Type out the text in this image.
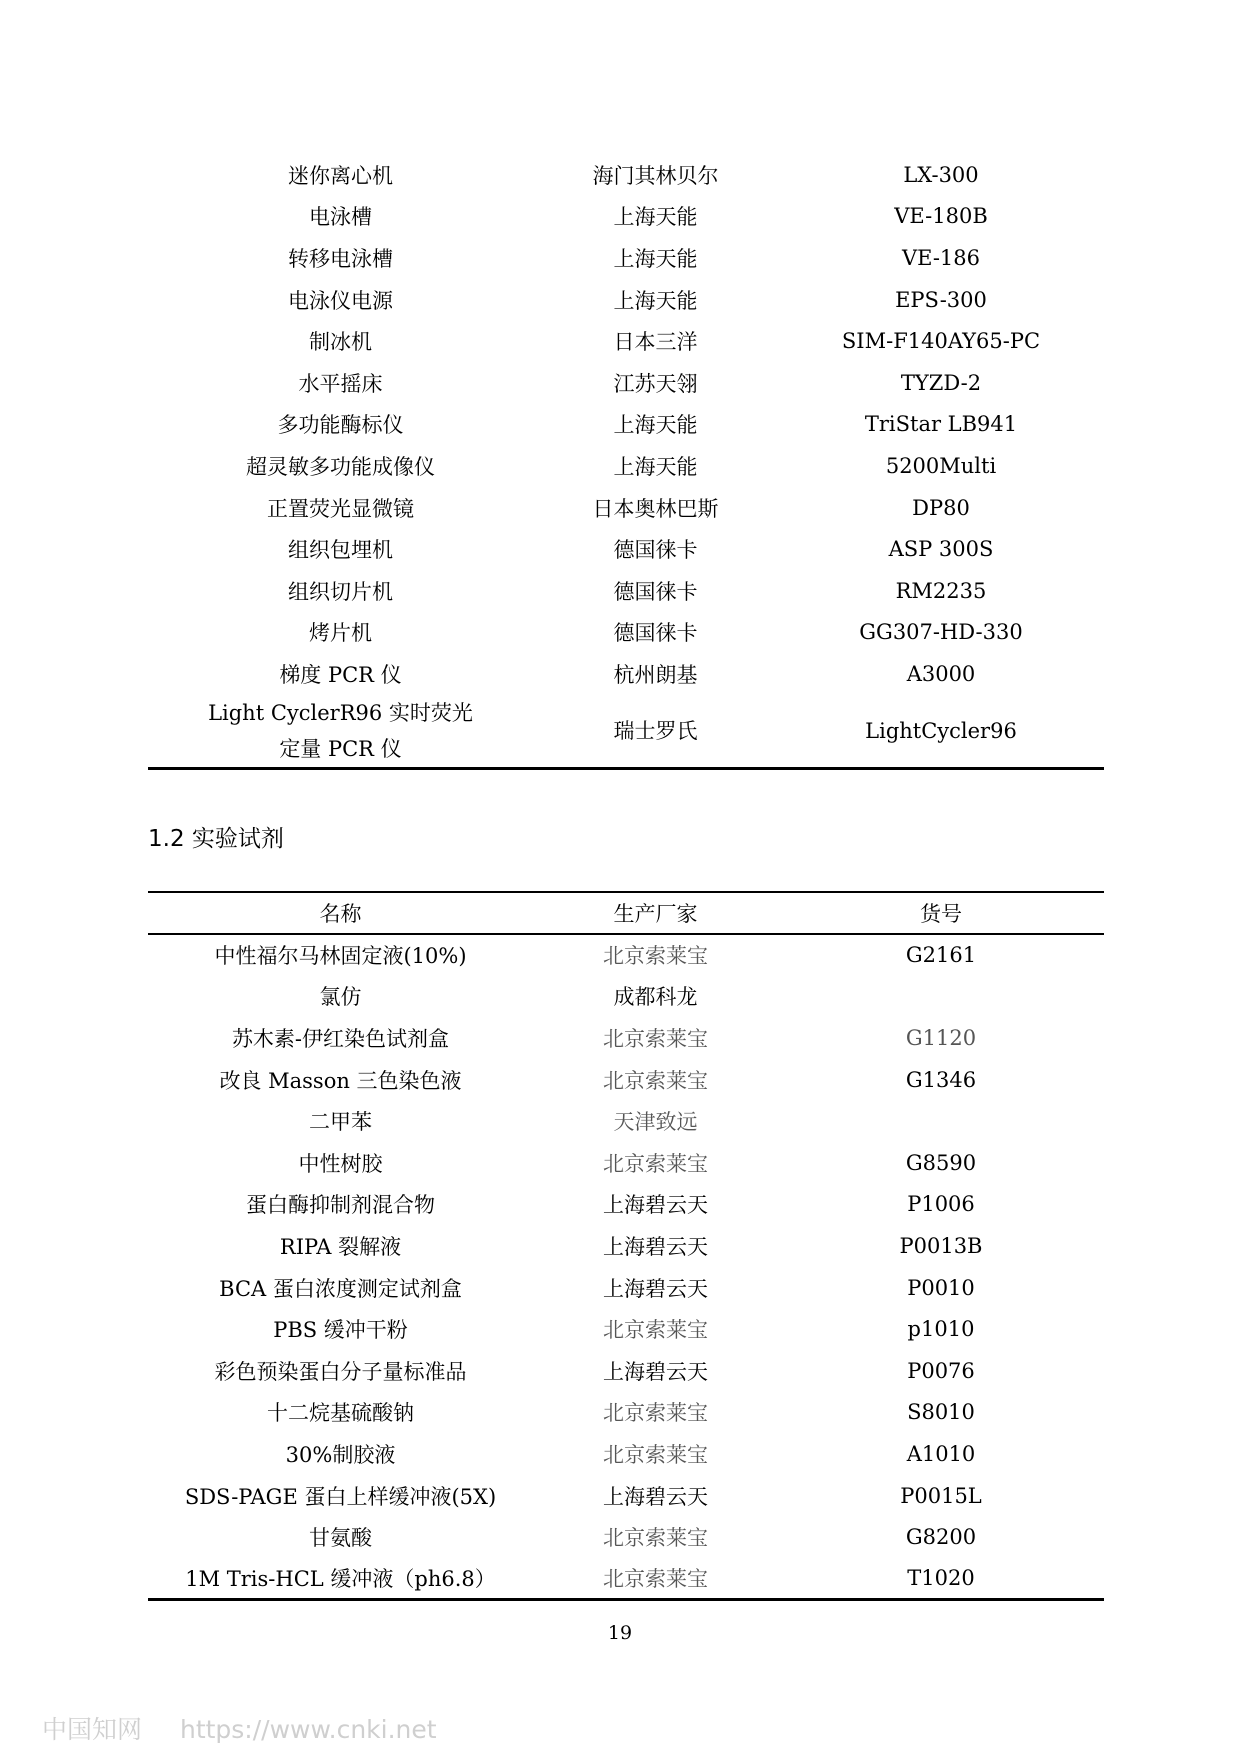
迷你离心机	海门其林贝尔	LX-300
电泳槽	上海天能	VE-180B
转移电泳槽	上海天能	VE-186
电泳仪电源	上海天能	EPS-300
制冰机	日本三洋	SIM-F140AY65-PC
水平摇床	江苏天翎	TYZD-2
多功能酶标仪	上海天能	TriStar LB941
超灵敏多功能成像仪	上海天能	5200Multi
正置荧光显微镜	日本奥林巴斯	DP80
组织包埋机	德国徕卡	ASP 300S
组织切片机	德国徕卡	RM2235
烤片机	德国徕卡	GG307-HD-330
梯度 PCR 仪	杭州朗基	A3000
Light CyclerR96 实时荧光
定量 PCR 仪	瑞士罗氏	LightCycler96
1.2 实验试剂
名称	生产厂家	货号
中性福尔马林固定液(10%)	北京索莱宝	G2161
氯仿	成都科龙	
苏木素-伊红染色试剂盒	北京索莱宝	G1120
改良 Masson 三色染色液	北京索莱宝	G1346
二甲苯	天津致远	
中性树胶	北京索莱宝	G8590
蛋白酶抑制剂混合物	上海碧云天	P1006
RIPA 裂解液	上海碧云天	P0013B
BCA 蛋白浓度测定试剂盒	上海碧云天	P0010
PBS 缓冲干粉	北京索莱宝	p1010
彩色预染蛋白分子量标准品	上海碧云天	P0076
十二烷基硫酸钠	北京索莱宝	S8010
30%制胶液	北京索莱宝	A1010
SDS-PAGE 蛋白上样缓冲液(5X)	上海碧云天	P0015L
甘氨酸	北京索莱宝	G8200
1M Tris-HCL 缓冲液（ph6.8）	北京索莱宝	T1020
19
中国知网 https://www.cnki.net
